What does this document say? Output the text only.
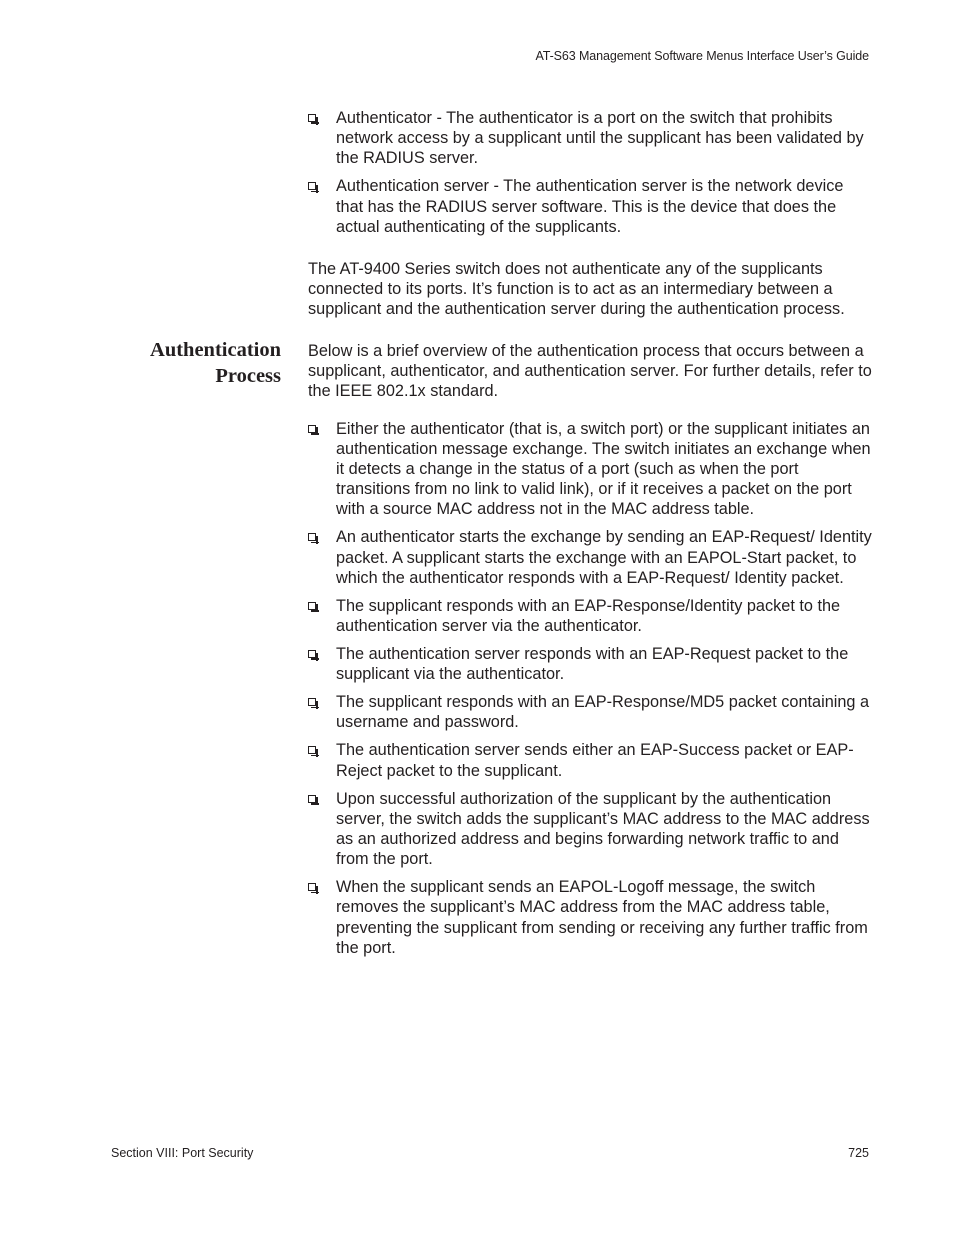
AT-S63 Management Software Menus Interface User’s Guide
Authenticator - The authenticator is a port on the switch that prohibits network access by a supplicant until the supplicant has been validated by the RADIUS server.
Authentication server - The authentication server is the network device that has the RADIUS server software. This is the device that does the actual authenticating of the supplicants.

The AT-9400 Series switch does not authenticate any of the supplicants connected to its ports. It’s function is to act as an intermediary between a supplicant and the authentication server during the authentication process.

Authentication
Process

Below is a brief overview of the authentication process that occurs between a supplicant, authenticator, and authentication server. For further details, refer to the IEEE 802.1x standard.

Either the authenticator (that is, a switch port) or the supplicant initiates an authentication message exchange. The switch initiates an exchange when it detects a change in the status of a port (such as when the port transitions from no link to valid link), or if it receives a packet on the port with a source MAC address not in the MAC address table.
An authenticator starts the exchange by sending an EAP-Request/ Identity packet. A supplicant starts the exchange with an EAPOL-Start packet, to which the authenticator responds with a EAP-Request/ Identity packet.
The supplicant responds with an EAP-Response/Identity packet to the authentication server via the authenticator.
The authentication server responds with an EAP-Request packet to the supplicant via the authenticator.
The supplicant responds with an EAP-Response/MD5 packet containing a username and password.
The authentication server sends either an EAP-Success packet or EAP-Reject packet to the supplicant.
Upon successful authorization of the supplicant by the authentication server, the switch adds the supplicant’s MAC address to the MAC address as an authorized address and begins forwarding network traffic to and from the port.
When the supplicant sends an EAPOL-Logoff message, the switch removes the supplicant’s MAC address from the MAC address table, preventing the supplicant from sending or receiving any further traffic from the port.
Section VIII: Port Security	725
